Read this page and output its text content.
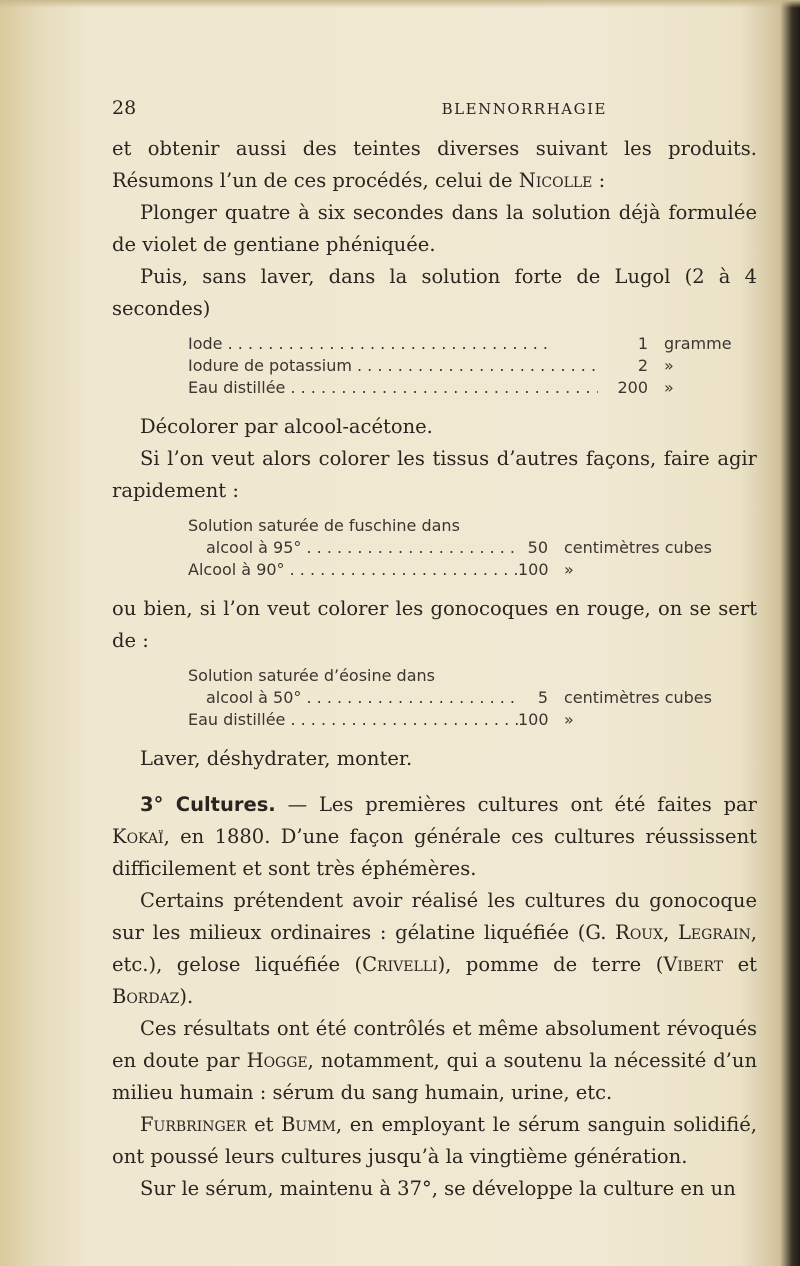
28	BLENNORRHAGIE

et obtenir aussi des teintes diverses suivant les produits. Résumons l’un de ces procédés, celui de Nicolle :

Plonger quatre à six secondes dans la solution déjà formulée de violet de gentiane phéniquée.

Puis, sans laver, dans la solution forte de Lugol (2 à 4 secondes)

Iode . . .	1	gramme
Iodure de potassium . . .	2	»
Eau distillée . . .	200	»

Décolorer par alcool-acétone.

Si l’on veut alors colorer les tissus d’autres façons, faire agir rapidement :

Solution saturée de fuschine dans
alcool à 95° . . .	50	centimètres cubes
Alcool à 90° . . .	100 »

ou bien, si l’on veut colorer les gonocoques en rouge, on se sert de :

Solution saturée d’éosine dans
alcool à 50° . . .	5	centimètres cubes
Eau distillée . . .	100 »

Laver, déshydrater, monter.

3° Cultures. — Les premières cultures ont été faites par Kokaï, en 1880. D’une façon générale ces cultures réussissent difficilement et sont très éphémères.

Certains prétendent avoir réalisé les cultures du gonocoque sur les milieux ordinaires : gélatine liquéfiée (G. Roux, Legrain, etc.), gelose liquéfiée (Crivelli), pomme de terre (Vibert et Bordaz).

Ces résultats ont été contrôlés et même absolument révoqués en doute par Hogge, notamment, qui a soutenu la nécessité d’un milieu humain : sérum du sang humain, urine, etc.

Furbringer et Bumm, en employant le sérum sanguin solidifié, ont poussé leurs cultures jusqu’à la vingtième génération.

Sur le sérum, maintenu à 37°, se développe la culture en un
